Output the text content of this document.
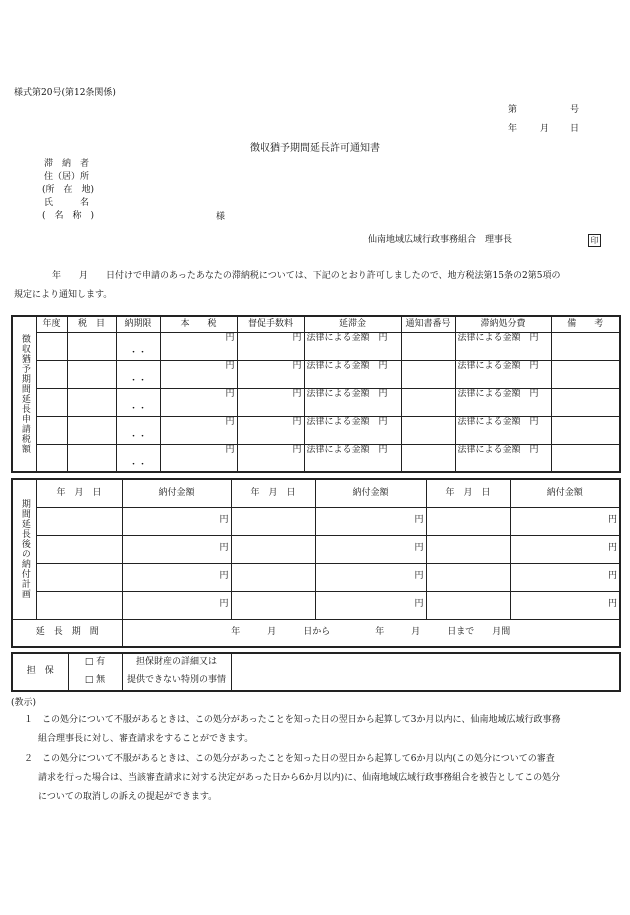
様式第20号(第12条関係)
第	号
年	月 日
徴収猶予期間延長許可通知書
滞　納　者
住（居）所
(所　在　地)
氏　　　名
(　名　称　)	様
仙南地域広域行政事務組合　理事長	印
年　　月　　日付けで申請のあったあなたの滞納税については、下記のとおり許可しましたので、地方税法第15条の2第5項の
規定により通知します。
徴収猶予期間延長申請税額	年度	税　目	納期限	本　　税	督促手数料	延滞金	通知書番号	滞納処分費	備　　考
			・・	円	円	法律による金額　円		法律による金額　円	
			・・	円	円	法律による金額　円		法律による金額　円	
			・・	円	円	法律による金額　円		法律による金額　円	
			・・	円	円	法律による金額　円		法律による金額　円	
			・・	円	円	法律による金額　円		法律による金額　円	
期間延長後の納付計画	年　月　日	納付金額	年　月　日	納付金額	年　月　日	納付金額
		円		円		円
		円		円		円
		円		円		円
		円		円		円
延　長　期　間		年　　　月　　　日から　　　　　年　　　月　　　日まで　　月間				
担　保	□ 有	担保財産の詳細又は	
	□ 無	提供できない特別の事情	
(教示)
１　この処分について不服があるときは、この処分があったことを知った日の翌日から起算して3か月以内に、仙南地域広域行政事務
組合理事長に対し、審査請求をすることができます。
２　この処分について不服があるときは、この処分があったことを知った日の翌日から起算して6か月以内(この処分についての審査
請求を行った場合は、当該審査請求に対する決定があった日から6か月以内)に、仙南地域広域行政事務組合を被告としてこの処分
についての取消しの訴えの提起ができます。
